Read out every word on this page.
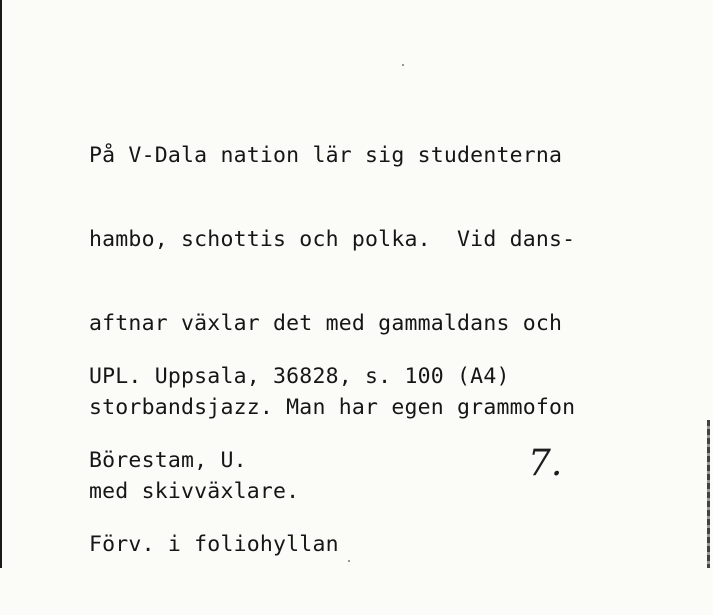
På V-Dala nation lär sig studenterna

hambo, schottis och polka.  Vid dans-

aftnar växlar det med gammaldans och

storbandsjazz. Man har egen grammofon

med skivväxlare.

UPL. Uppsala, 36828, s. 100 (A4)

Börestam, U.

Förv. i foliohyllan

7.
